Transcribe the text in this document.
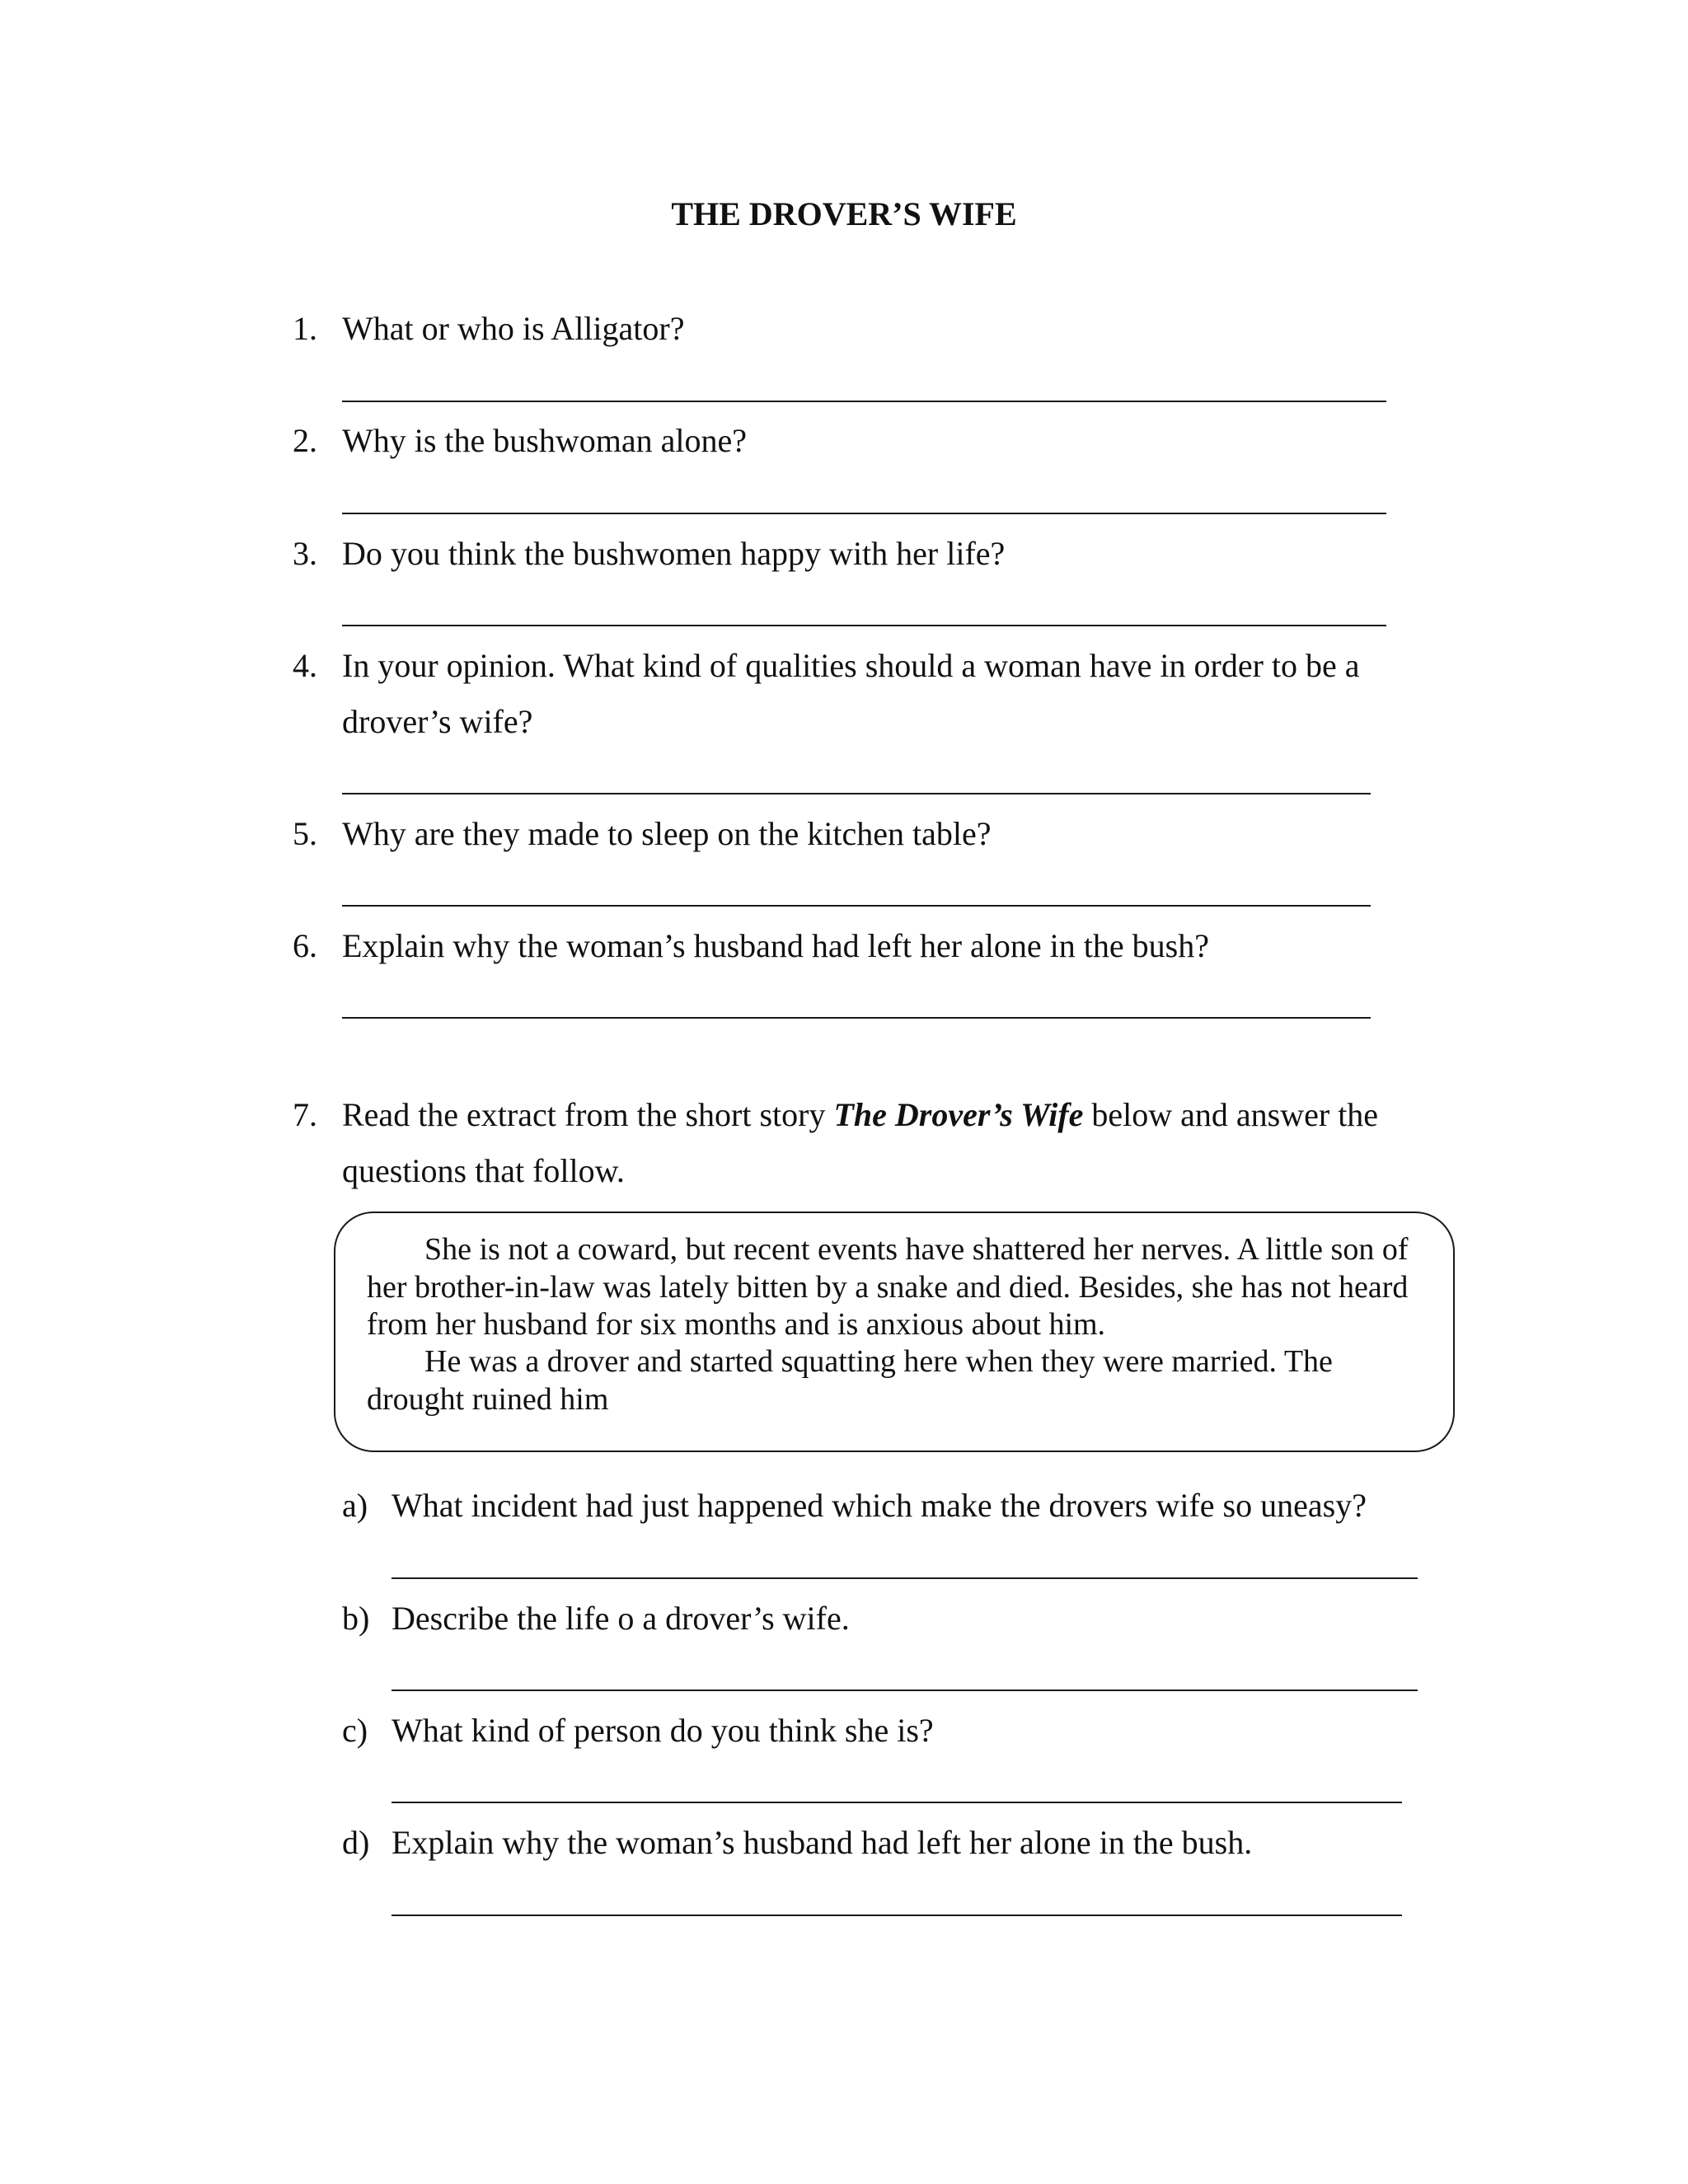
THE DROVER’S WIFE
1. What or who is Alligator?
2. Why is the bushwoman alone?
3. Do you think the bushwomen happy with her life?
4. In your opinion. What kind of qualities should a woman have in order to be a
drover’s wife?
5. Why are they made to sleep on the kitchen table?
6. Explain why the woman’s husband had left her alone in the bush?
7. Read the extract from the short story The Drover’s Wife below and answer the
questions that follow.
She is not a coward, but recent events have shattered her nerves. A little son of her brother-in-law was lately bitten by a snake and died. Besides, she has not heard from her husband for six months and is anxious about him.
He was a drover and started squatting here when they were married. The drought ruined him
a) What incident had just happened which make the drovers wife so uneasy?
b) Describe the life o a drover’s wife.
c) What kind of person do you think she is?
d) Explain why the woman’s husband had left her alone in the bush.
